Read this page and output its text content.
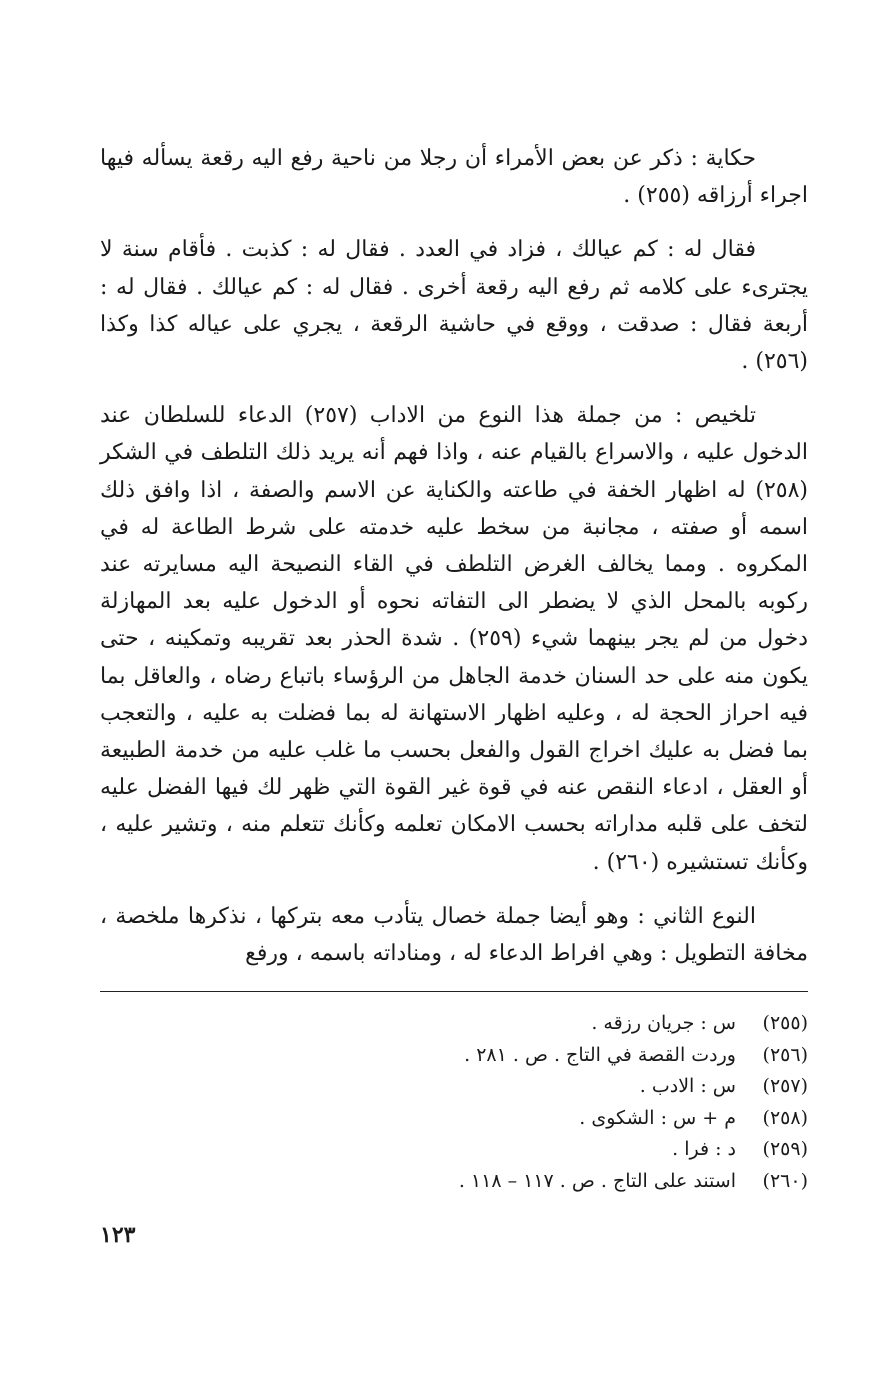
حكاية : ذكر عن بعض الأمراء أن رجلا من ناحية رفع اليه رقعة يسأله فيها اجراء أرزاقه (٢٥٥) .

فقال له : كم عيالك ، فزاد في العدد . فقال له : كذبت . فأقام سنة لا يجترىء على كلامه ثم رفع اليه رقعة أخرى . فقال له : كم عيالك . فقال له : أربعة فقال : صدقت ، ووقع في حاشية الرقعة ، يجري على عياله كذا وكذا (٢٥٦) .

تلخيص : من جملة هذا النوع من الاداب (٢٥٧) الدعاء للسلطان عند الدخول عليه ، والاسراع بالقيام عنه ، واذا فهم أنه يريد ذلك التلطف في الشكر (٢٥٨) له اظهار الخفة في طاعته والكناية عن الاسم والصفة ، اذا وافق ذلك اسمه أو صفته ، مجانبة من سخط عليه خدمته على شرط الطاعة له في المكروه . ومما يخالف الغرض التلطف في القاء النصيحة اليه مسايرته عند ركوبه بالمحل الذي لا يضطر الى التفاته نحوه أو الدخول عليه بعد المهازلة دخول من لم يجر بينهما شيء (٢٥٩) . شدة الحذر بعد تقريبه وتمكينه ، حتى يكون منه على حد السنان خدمة الجاهل من الرؤساء باتباع رضاه ، والعاقل بما فيه احراز الحجة له ، وعليه اظهار الاستهانة له بما فضلت به عليه ، والتعجب بما فضل به عليك اخراج القول والفعل بحسب ما غلب عليه من خدمة الطبيعة أو العقل ، ادعاء النقص عنه في قوة غير القوة التي ظهر لك فيها الفضل عليه لتخف على قلبه مداراته بحسب الامكان تعلمه وكأنك تتعلم منه ، وتشير عليه ، وكأنك تستشيره (٢٦٠) .

النوع الثاني : وهو أيضا جملة خصال يتأدب معه بتركها ، نذكرها ملخصة ، مخافة التطويل : وهي افراط الدعاء له ، ومناداته باسمه ، ورفع

(٢٥٥)
س : جريان رزقه .
(٢٥٦)
وردت القصة في التاج . ص . ٢٨١ .
(٢٥٧)
س : الادب .
(٢٥٨)
م + س : الشكوى .
(٢٥٩)
د : فرا .
(٢٦٠)
استند على التاج . ص . ١١٧ – ١١٨ .
١٢٣
